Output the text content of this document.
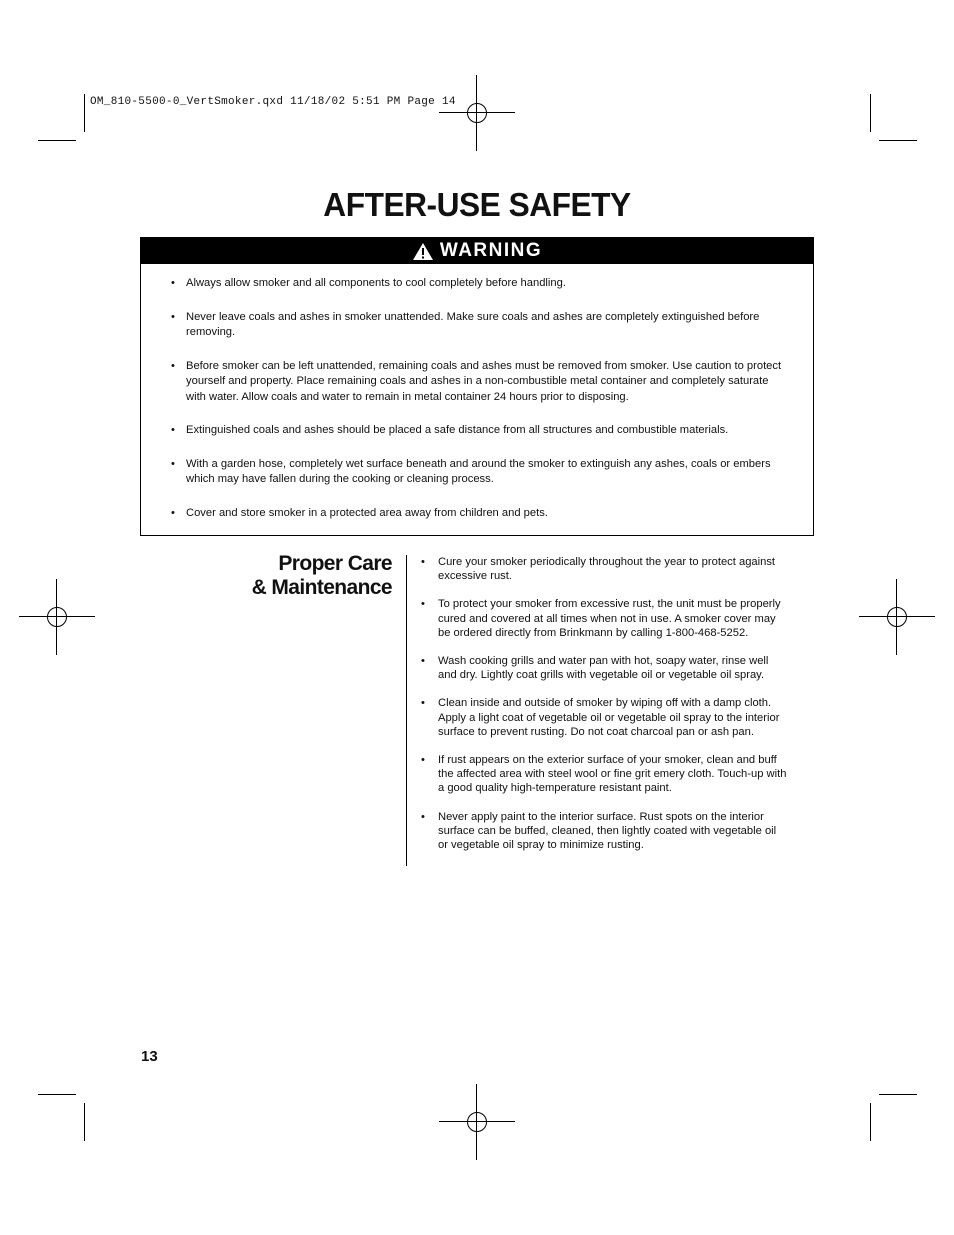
OM_810-5500-0_VertSmoker.qxd 11/18/02 5:51 PM Page 14
AFTER-USE SAFETY
WARNING
• Always allow smoker and all components to cool completely before handling.
• Never leave coals and ashes in smoker unattended. Make sure coals and ashes are completely extinguished before removing.
• Before smoker can be left unattended, remaining coals and ashes must be removed from smoker. Use caution to protect yourself and property. Place remaining coals and ashes in a non-combustible metal container and completely saturate with water. Allow coals and water to remain in metal container 24 hours prior to disposing.
• Extinguished coals and ashes should be placed a safe distance from all structures and combustible materials.
• With a garden hose, completely wet surface beneath and around the smoker to extinguish any ashes, coals or embers which may have fallen during the cooking or cleaning process.
• Cover and store smoker in a protected area away from children and pets.
Proper Care
& Maintenance
• Cure your smoker periodically throughout the year to protect against excessive rust.
• To protect your smoker from excessive rust, the unit must be properly cured and covered at all times when not in use. A smoker cover may be ordered directly from Brinkmann by calling 1-800-468-5252.
• Wash cooking grills and water pan with hot, soapy water, rinse well and dry. Lightly coat grills with vegetable oil or vegetable oil spray.
• Clean inside and outside of smoker by wiping off with a damp cloth. Apply a light coat of vegetable oil or vegetable oil spray to the interior surface to prevent rusting. Do not coat charcoal pan or ash pan.
• If rust appears on the exterior surface of your smoker, clean and buff the affected area with steel wool or fine grit emery cloth. Touch-up with a good quality high-temperature resistant paint.
• Never apply paint to the interior surface. Rust spots on the interior surface can be buffed, cleaned, then lightly coated with vegetable oil or vegetable oil spray to minimize rusting.
13
